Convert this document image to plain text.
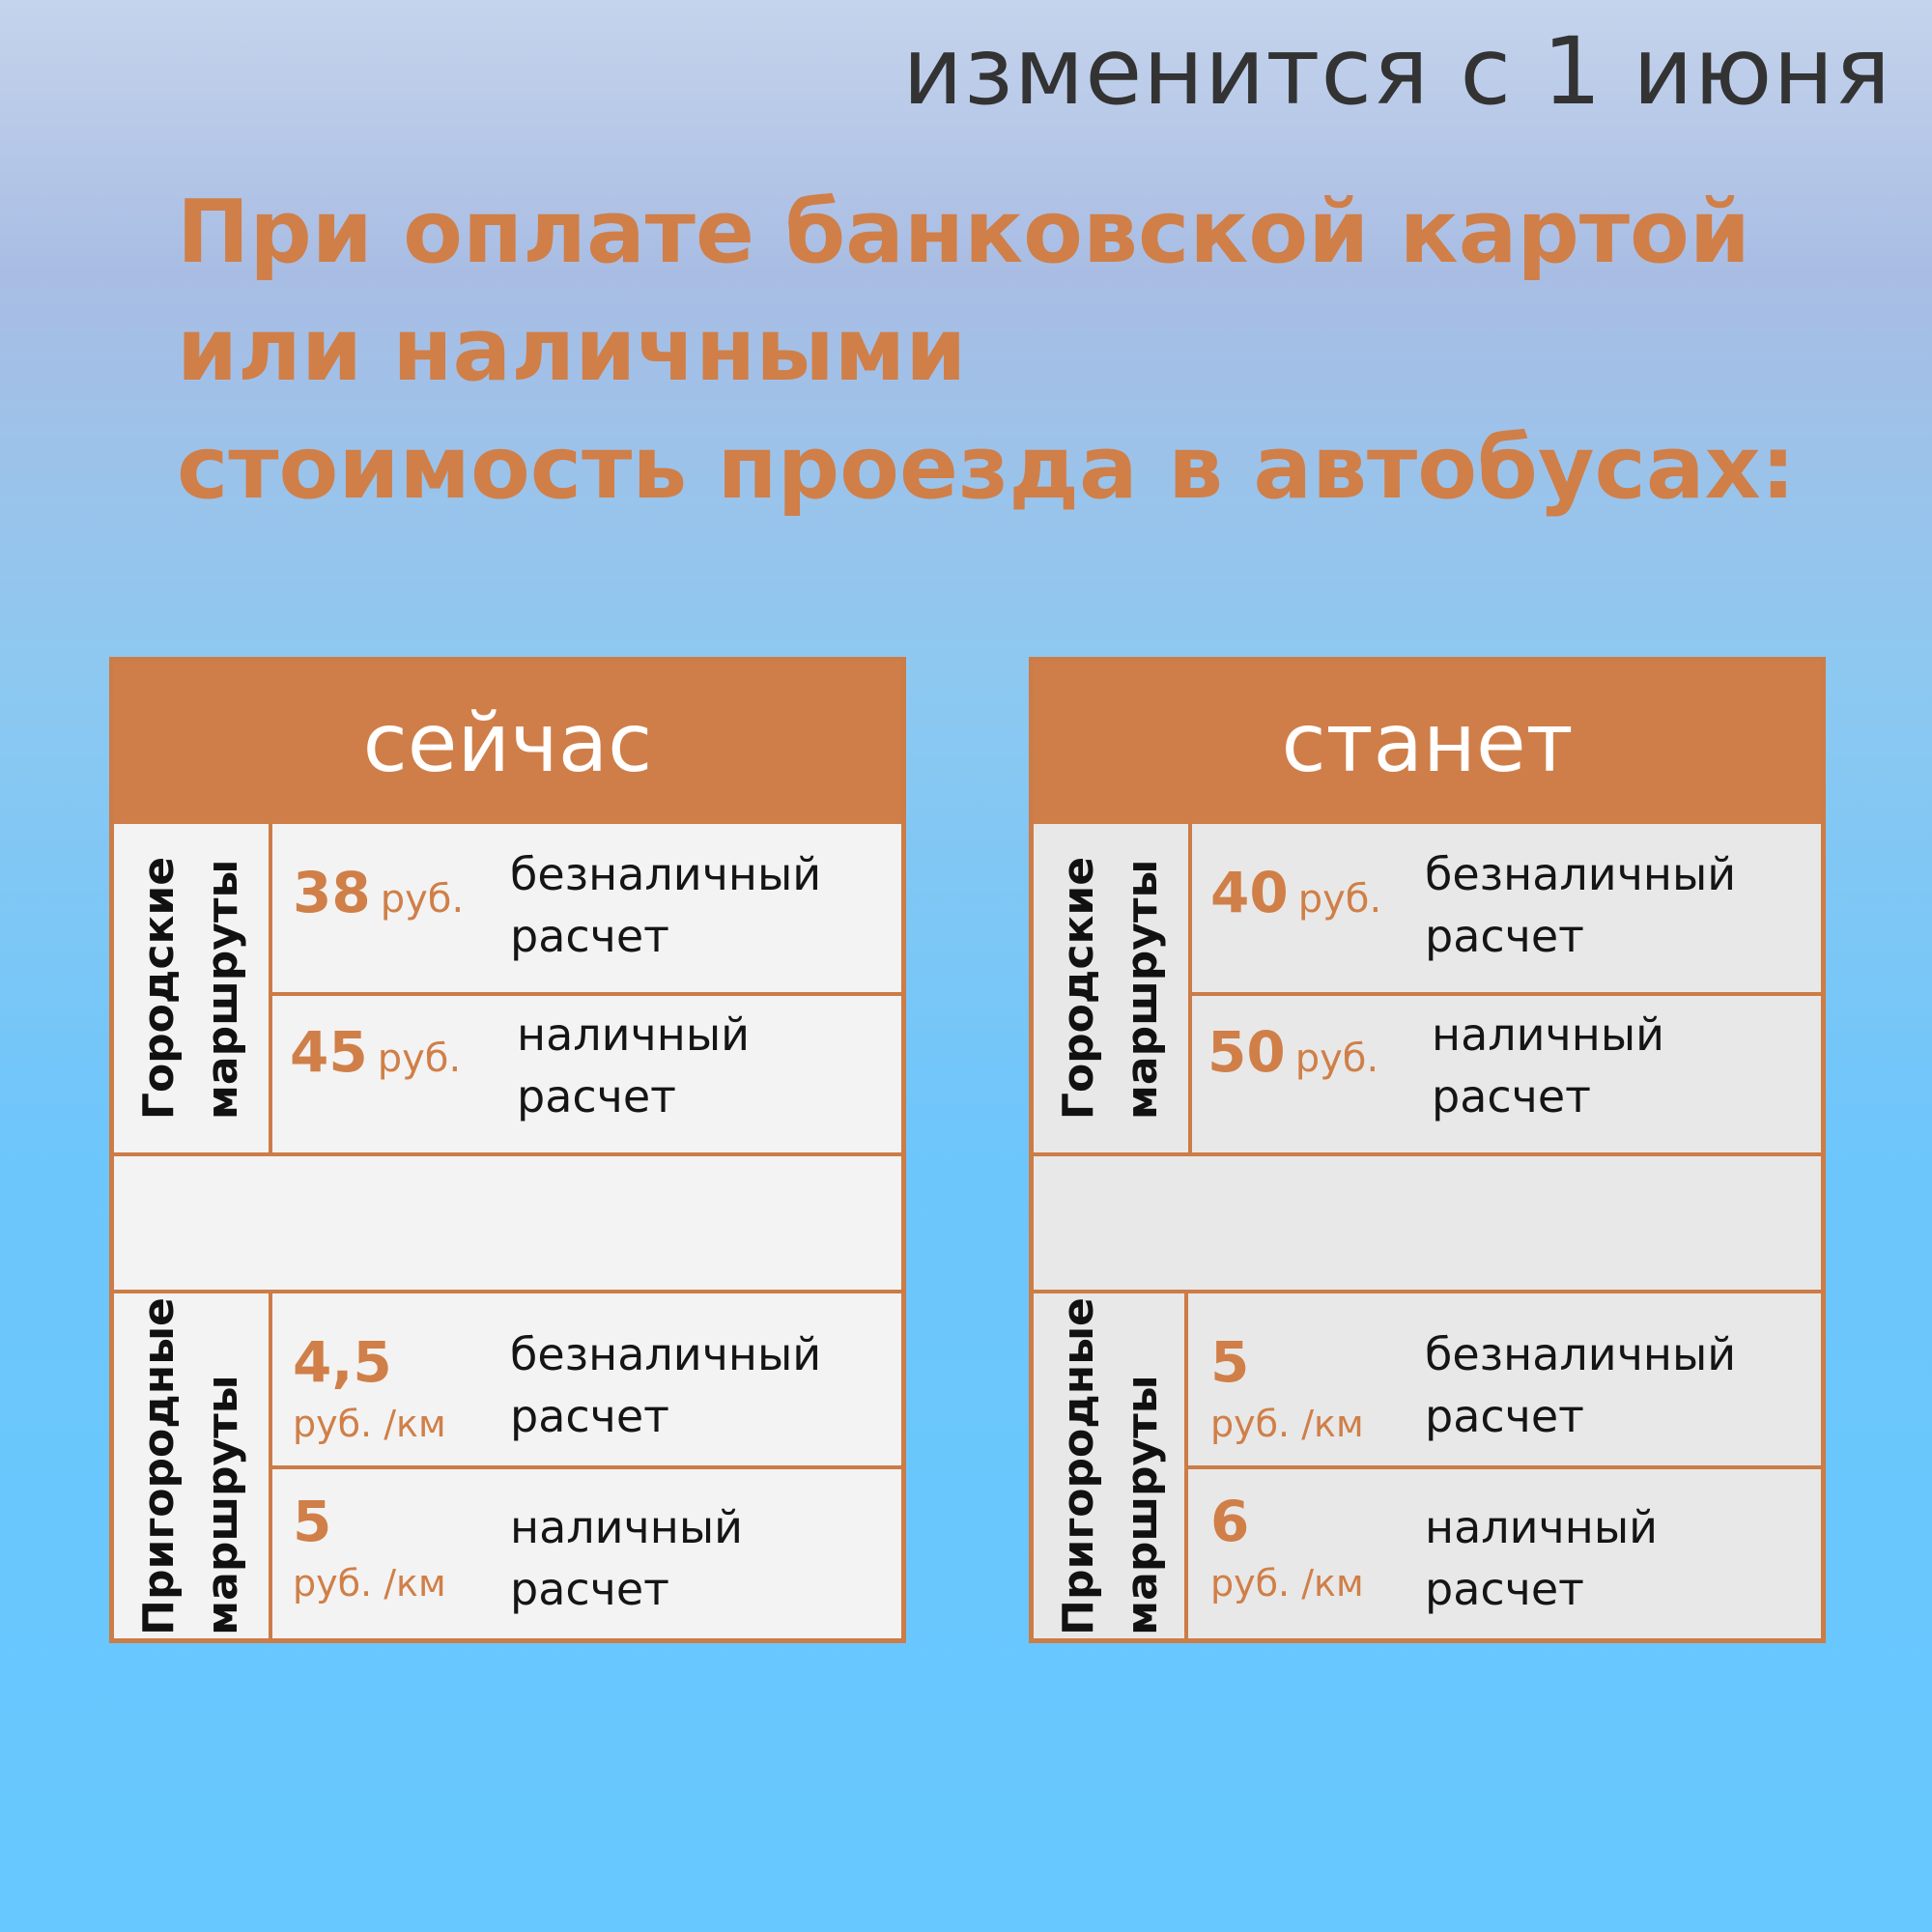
изменится с 1 июня
При оплате банковской картой
или наличными
стоимость проезда в автобусах:
сейчас
Городские маршруты
Пригородные маршруты
38 руб. безналичный
расчет
45 руб. наличный
расчет
4,5
руб. /км
безналичный
расчет
5
руб. /км
наличный
расчет
станет
Городские маршруты
Пригородные маршруты
40 руб. безналичный
расчет
50 руб. наличный
расчет
5
руб. /км
безналичный
расчет
6
руб. /км
наличный
расчет
